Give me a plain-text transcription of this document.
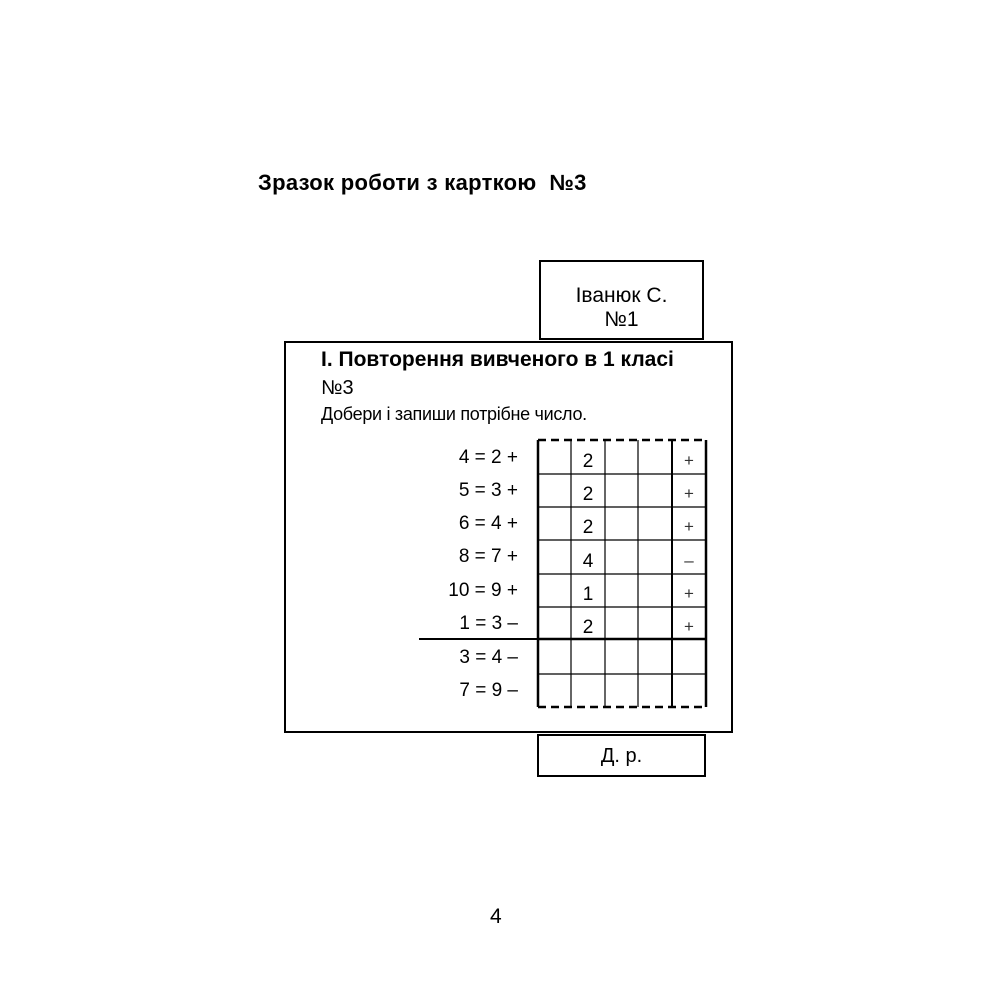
Зразок роботи з карткою  №3
Іванюк С.
№1
І. Повторення вивченого в 1 класі
№3
Добери і запиши потрібне число.
4 = 2 +
5 = 3 +
6 = 4 +
8 = 7 +
10 = 9 +
1 = 3 –
3 = 4 –
7 = 9 –
2
2
2
4
1
2
+
+
+
–
+
+
Д. р.
4
